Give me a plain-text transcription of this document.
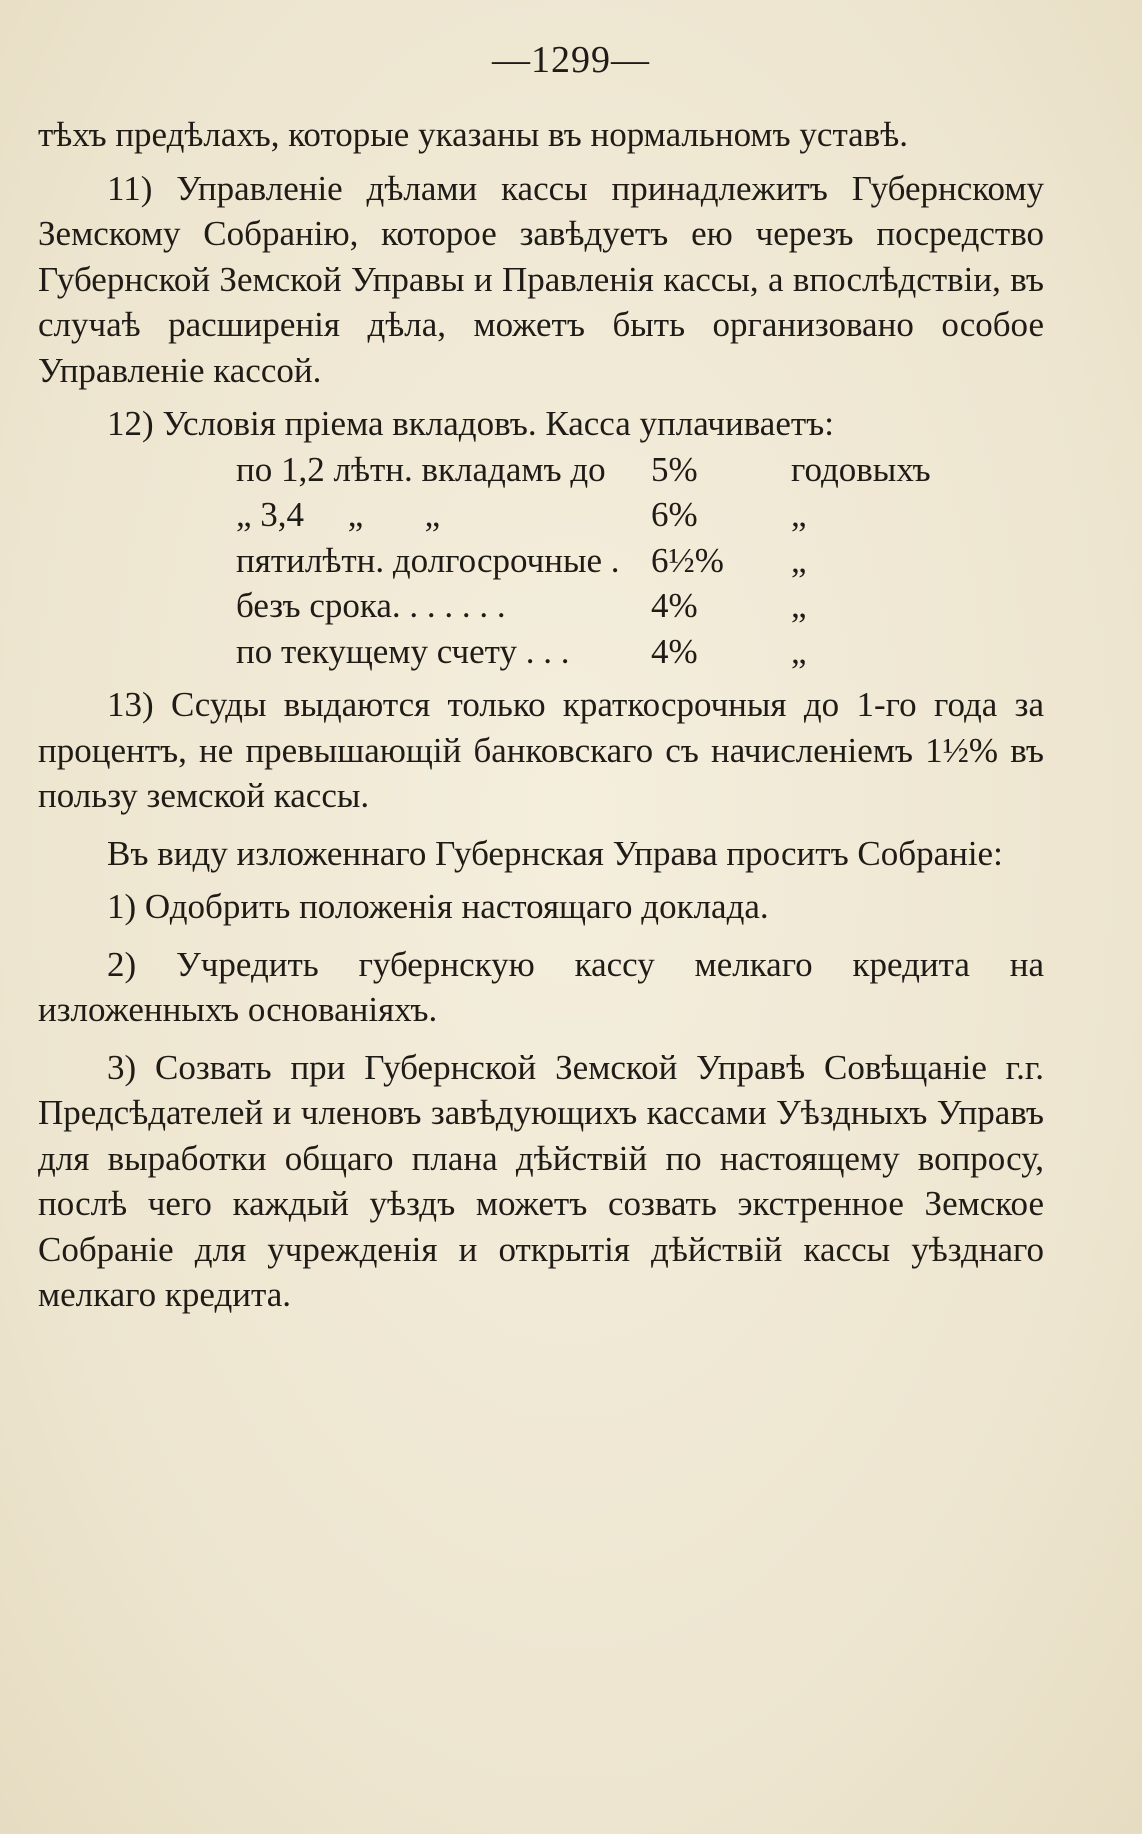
—1299—

тѣхъ предѣлахъ, которые указаны въ нормальномъ уставѣ.

11) Управленіе дѣлами кассы принадлежитъ Губернскому Земскому Собранію, которое завѣдуетъ ею черезъ посредство Губернской Земской Управы и Правленія кассы, а впослѣдствіи, въ случаѣ расширенія дѣла, можетъ быть организовано особое Управленіе кассой.

12) Условія пріема вкладовъ. Касса уплачиваетъ:

по 1,2 лѣтн. вкладамъ до	5%	годовыхъ
„ 3,4     „       „	6%	„
пятилѣтн. долгосрочные . 6½%	„
безъ срока. . . . . . .	4%	„
по текущему счету . . .	4%	„

13) Ссуды выдаются только краткосрочныя до 1-го года за процентъ, не превышающій банковскаго съ начисленіемъ 1½% въ пользу земской кассы.

Въ виду изложеннаго Губернская Управа проситъ Собраніе:

1) Одобрить положенія настоящаго доклада.

2) Учредить губернскую кассу мелкаго кредита на изложенныхъ основаніяхъ.

3) Созвать при Губернской Земской Управѣ Совѣщаніе г.г. Предсѣдателей и членовъ завѣдующихъ кассами Уѣздныхъ Управъ для выработки общаго плана дѣйствій по настоящему вопросу, послѣ чего каждый уѣздъ можетъ созвать экстренное Земское Собраніе для учрежденія и открытія дѣйствій кассы уѣзднаго мелкаго кредита.
